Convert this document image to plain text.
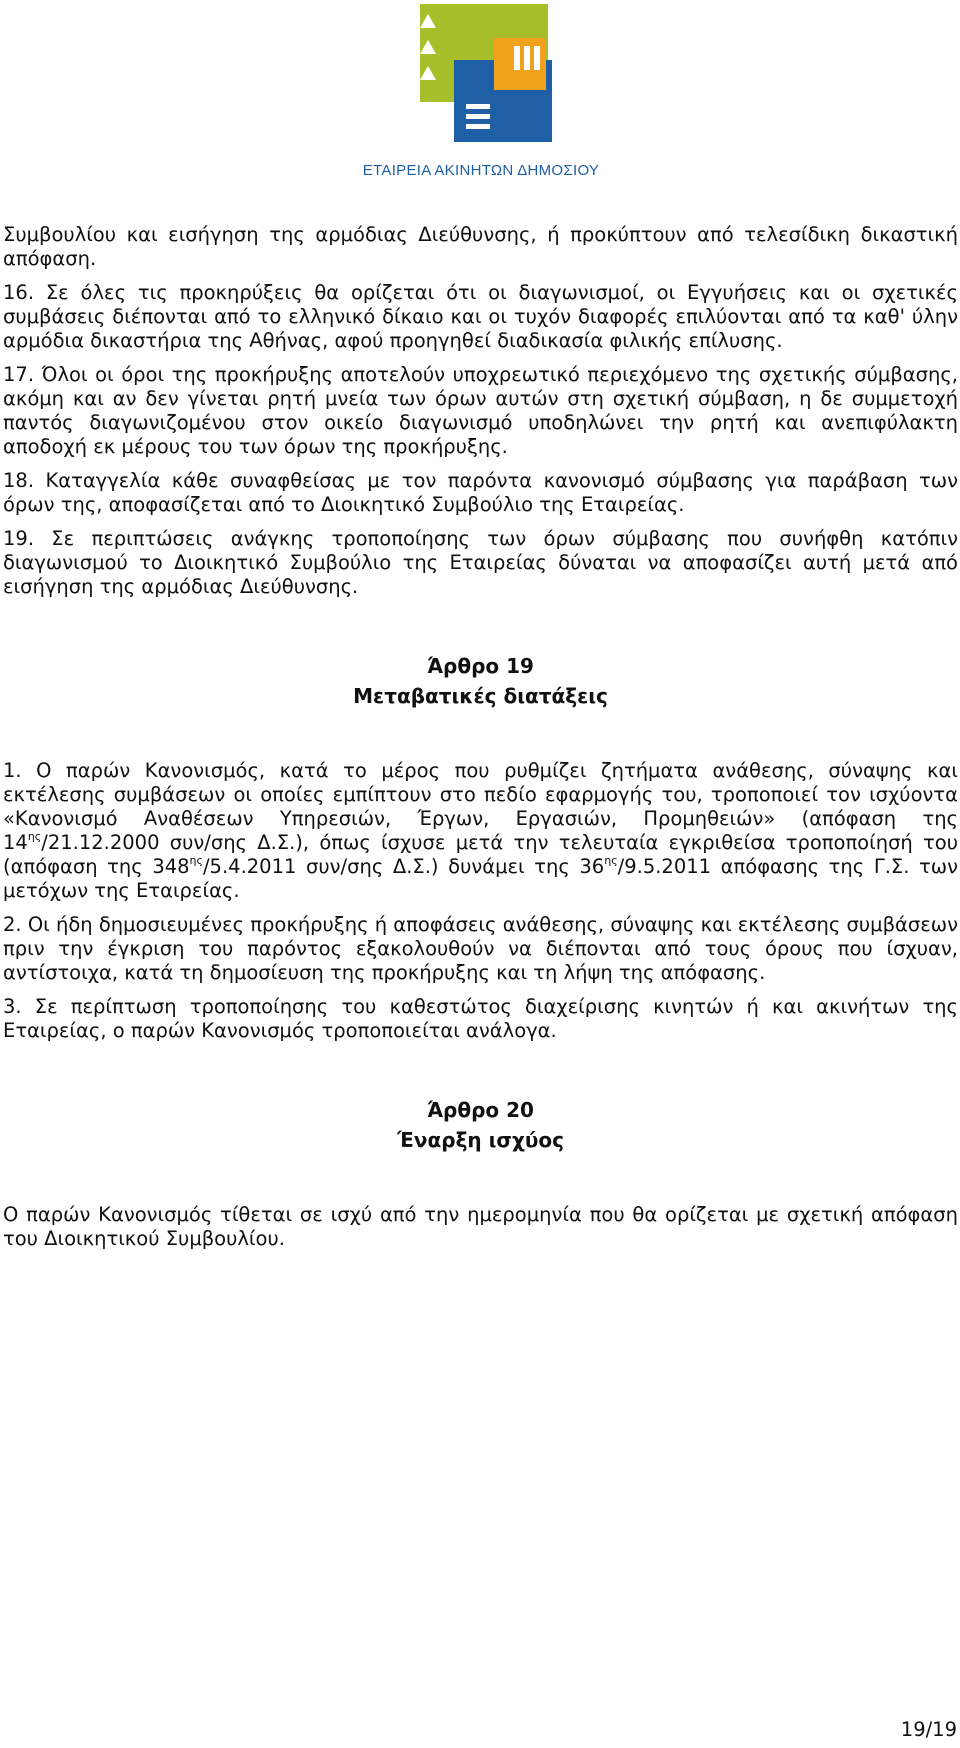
ΕΤΑΙΡΕΙΑ ΑΚΙΝΗΤΩΝ ΔΗΜΟΣΙΟΥ

Συμβουλίου και εισήγηση της αρμόδιας Διεύθυνσης, ή προκύπτουν από τελεσίδικη δικαστική απόφαση.

16. Σε όλες τις προκηρύξεις θα ορίζεται ότι οι διαγωνισμοί, οι Εγγυήσεις και οι σχετικές συμβάσεις διέπονται από το ελληνικό δίκαιο και οι τυχόν διαφορές επιλύονται από τα καθ' ύλην αρμόδια δικαστήρια της Αθήνας, αφού προηγηθεί διαδικασία φιλικής επίλυσης.

17. Όλοι οι όροι της προκήρυξης αποτελούν υποχρεωτικό περιεχόμενο της σχετικής σύμβασης, ακόμη και αν δεν γίνεται ρητή μνεία των όρων αυτών στη σχετική σύμβαση, η δε συμμετοχή παντός διαγωνιζομένου στον οικείο διαγωνισμό υποδηλώνει την ρητή και ανεπιφύλακτη αποδοχή εκ μέρους του των όρων της προκήρυξης.

18. Καταγγελία κάθε συναφθείσας με τον παρόντα κανονισμό σύμβασης για παράβαση των όρων της, αποφασίζεται από το Διοικητικό Συμβούλιο της Εταιρείας.

19. Σε περιπτώσεις ανάγκης τροποποίησης των όρων σύμβασης που συνήφθη κατόπιν διαγωνισμού το Διοικητικό Συμβούλιο της Εταιρείας δύναται να αποφασίζει αυτή μετά από εισήγηση της αρμόδιας Διεύθυνσης.

Άρθρο 19
Μεταβατικές διατάξεις

1. Ο παρών Κανονισμός, κατά το μέρος που ρυθμίζει ζητήματα ανάθεσης, σύναψης και εκτέλεσης συμβάσεων οι οποίες εμπίπτουν στο πεδίο εφαρμογής του, τροποποιεί τον ισχύοντα «Κανονισμό Αναθέσεων Υπηρεσιών, Έργων, Εργασιών, Προμηθειών» (απόφαση της $14^{\eta\varsigma}/21.12.2000$ συν/σης Δ.Σ.), όπως ίσχυσε μετά την τελευταία εγκριθείσα τροποποίησή του (απόφαση της $348^{\eta\varsigma}/5.4.2011$ συν/σης Δ.Σ.) δυνάμει της $36^{\eta\varsigma}/9.5.2011$ απόφασης της Γ.Σ. των μετόχων της Εταιρείας.

2. Οι ήδη δημοσιευμένες προκήρυξης ή αποφάσεις ανάθεσης, σύναψης και εκτέλεσης συμβάσεων πριν την έγκριση του παρόντος εξακολουθούν να διέπονται από τους όρους που ίσχυαν, αντίστοιχα, κατά τη δημοσίευση της προκήρυξης και τη λήψη της απόφασης.

3. Σε περίπτωση τροποποίησης του καθεστώτος διαχείρισης κινητών ή και ακινήτων της Εταιρείας, ο παρών Κανονισμός τροποποιείται ανάλογα.

Άρθρο 20
Έναρξη ισχύος

Ο παρών Κανονισμός τίθεται σε ισχύ από την ημερομηνία που θα ορίζεται με σχετική απόφαση του Διοικητικού Συμβουλίου.

19/19
